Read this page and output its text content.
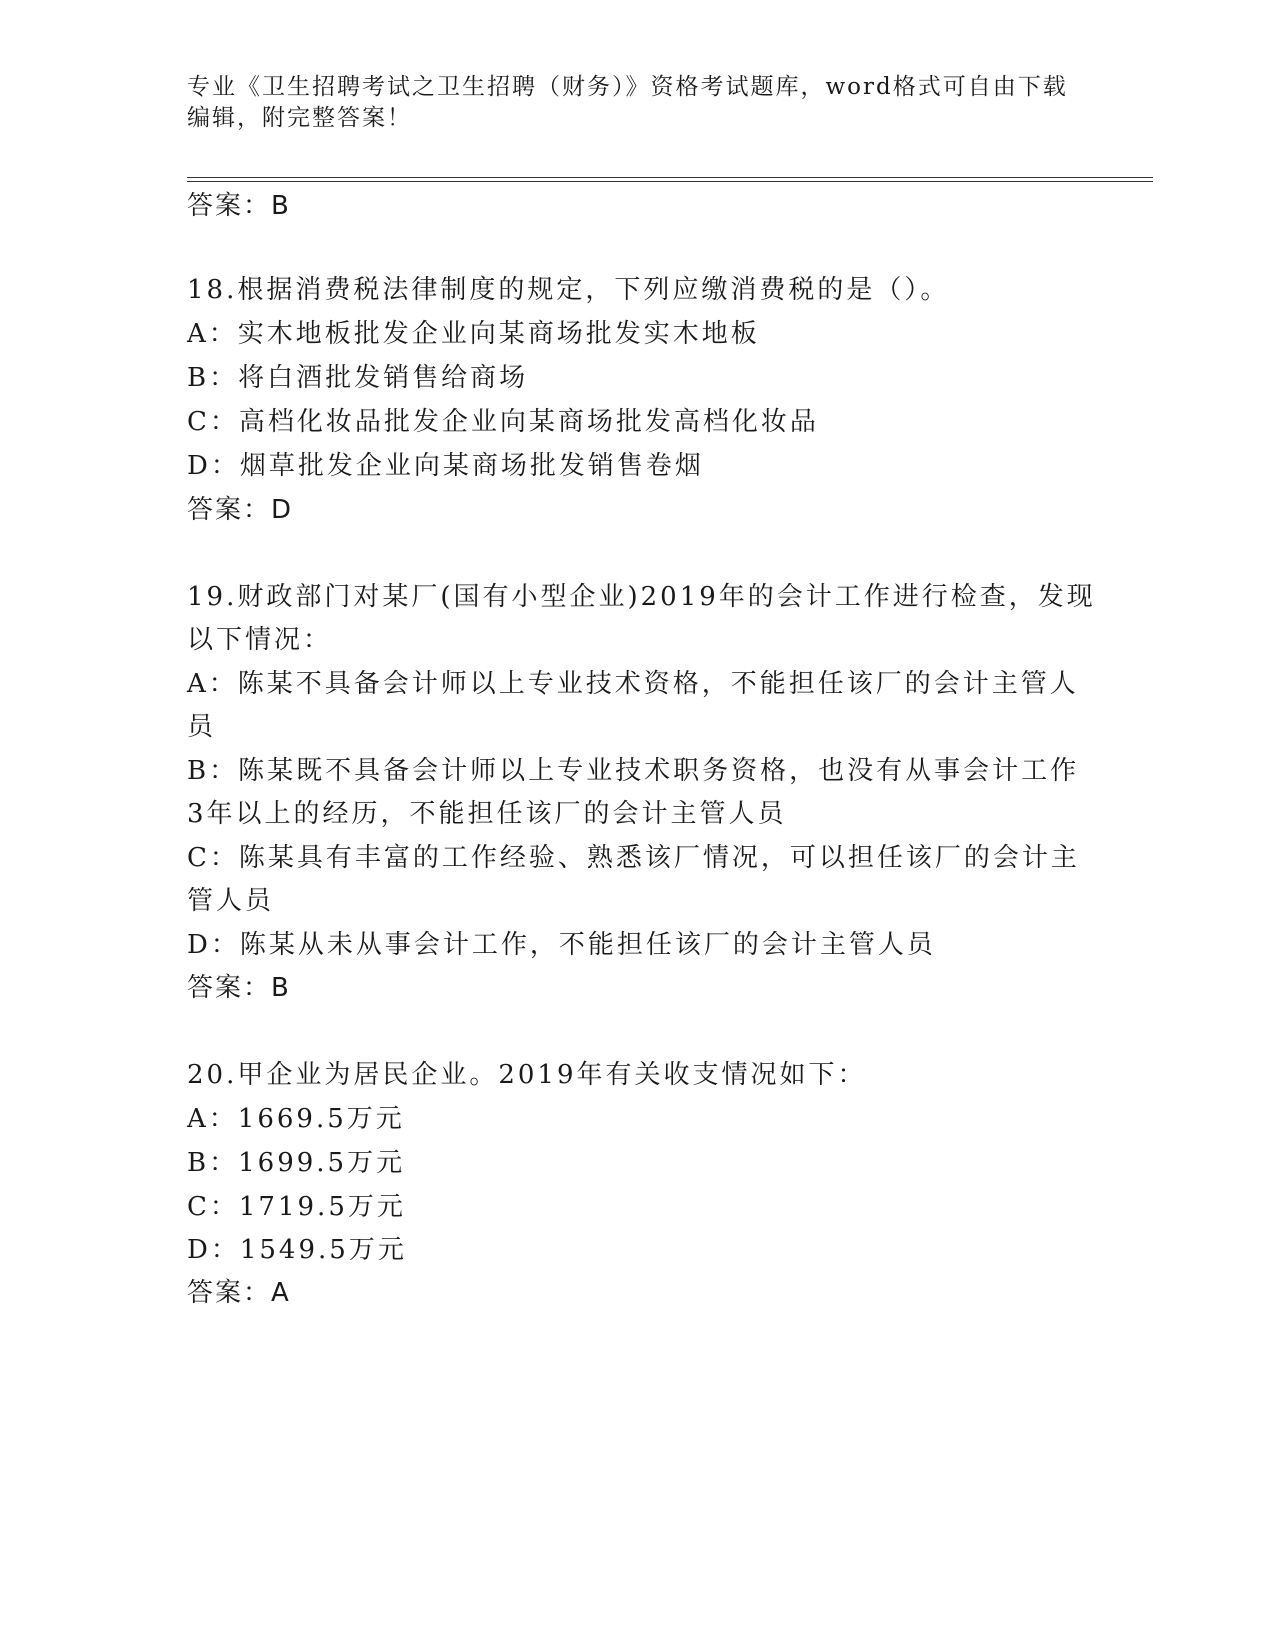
专业《卫生招聘考试之卫生招聘（财务）》资格考试题库，word格式可自由下载
编辑，附完整答案！
答案：B
18.根据消费税法律制度的规定，下列应缴消费税的是（）。
A：实木地板批发企业向某商场批发实木地板
B：将白酒批发销售给商场
C：高档化妆品批发企业向某商场批发高档化妆品
D：烟草批发企业向某商场批发销售卷烟
答案：D
19.财政部门对某厂(国有小型企业)2019年的会计工作进行检查，发现
以下情况：
A：陈某不具备会计师以上专业技术资格，不能担任该厂的会计主管人
员
B：陈某既不具备会计师以上专业技术职务资格，也没有从事会计工作
3年以上的经历，不能担任该厂的会计主管人员
C：陈某具有丰富的工作经验、熟悉该厂情况，可以担任该厂的会计主
管人员
D：陈某从未从事会计工作，不能担任该厂的会计主管人员
答案：B
20.甲企业为居民企业。2019年有关收支情况如下：
A：1669.5万元
B：1699.5万元
C：1719.5万元
D：1549.5万元
答案：A
